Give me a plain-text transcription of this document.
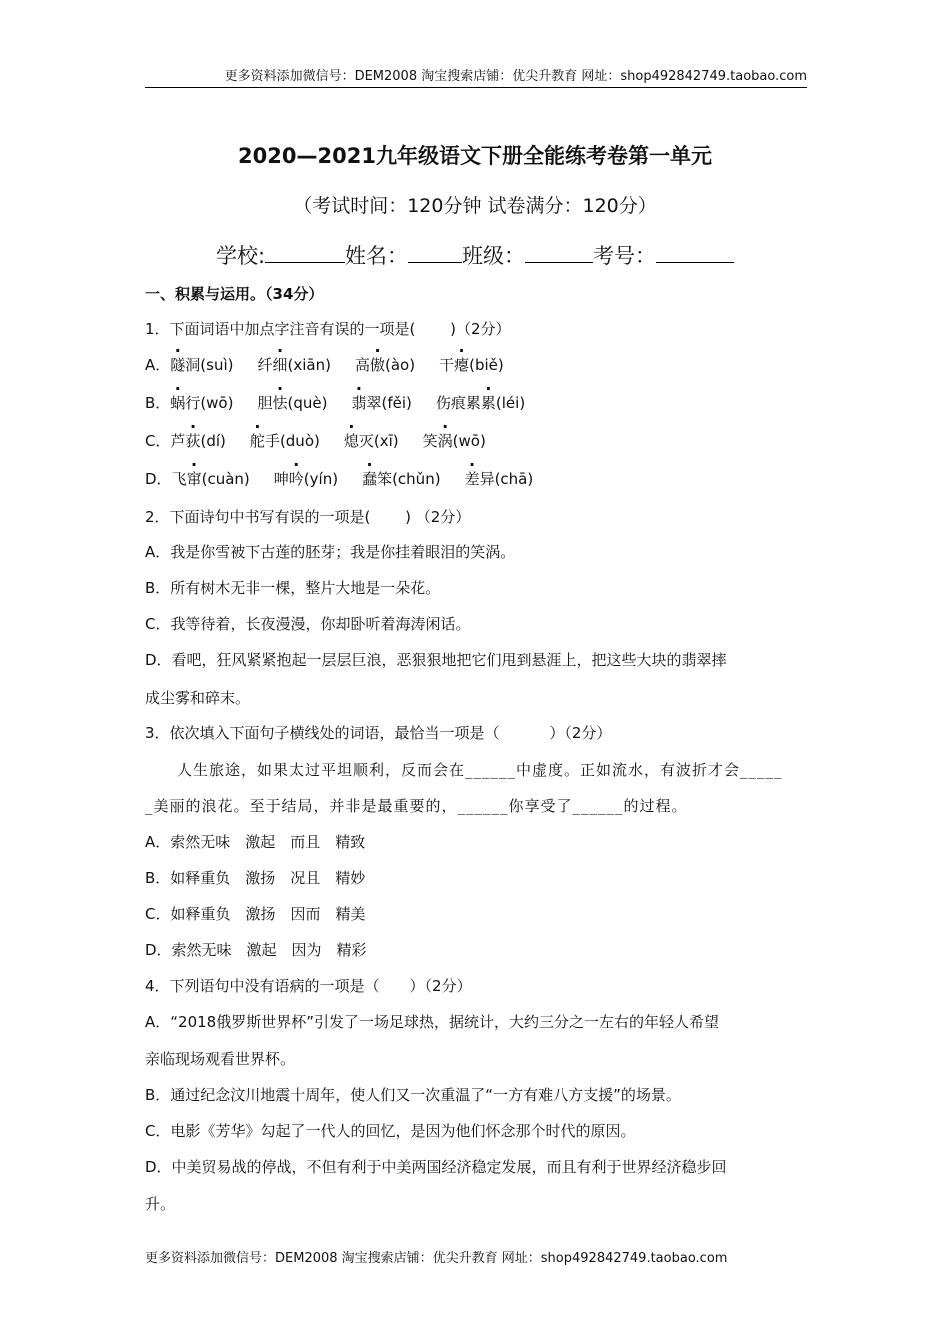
更多资料添加微信号：DEM2008 淘宝搜索店铺：优尖升教育 网址：shop492842749.taobao.com
2020—2021九年级语文下册全能练考卷第一单元
（考试时间：120分钟 试卷满分：120分）
学校:	姓名：	班级：	考号：
一、积累与运用。（34分）
1．下面词语中加点字注音有误的一项是(　　 )（2分）
A．隧洞(suì) 纤细(xiān) 高傲(ào) 干瘪(biě)
B．蜗行(wō) 胆怯(què) 翡翠(fěi) 伤痕累累(léi)
C．芦荻(dí) 舵手(duò) 熄灭(xī) 笑涡(wō)
D．飞窜(cuàn) 呻吟(yín) 蠢笨(chǔn) 差异(chā)
2．下面诗句中书写有误的一项是(　　 ) （2分）
A．我是你雪被下古莲的胚芽；我是你挂着眼泪的笑涡。
B．所有树木无非一棵，整片大地是一朵花。
C．我等待着，长夜漫漫，你却卧听着海涛闲话。
D．看吧，狂风紧紧抱起一层层巨浪，恶狠狠地把它们甩到悬涯上，把这些大块的翡翠摔
成尘雾和碎末。
3．依次填入下面句子横线处的词语，最恰当一项是（　　 　）（2分）
　　人生旅途，如果太过平坦顺利，反而会在______中虚度。正如流水，有波折才会_____
_美丽的浪花。至于结局，并非是最重要的，______你享受了______的过程。
A．索然无味　激起　而且　精致
B．如释重负　激扬　况且　精妙
C．如释重负　激扬　因而　精美
D．索然无味　激起　因为　精彩
4．下列语句中没有语病的一项是（　　）（2分）
A．“2018俄罗斯世界杯”引发了一场足球热，据统计，大约三分之一左右的年轻人希望
亲临现场观看世界杯。
B．通过纪念汶川地震十周年，使人们又一次重温了“一方有难八方支援”的场景。
C．电影《芳华》勾起了一代人的回忆，是因为他们怀念那个时代的原因。
D．中美贸易战的停战，不但有利于中美两国经济稳定发展，而且有利于世界经济稳步回
升。
更多资料添加微信号：DEM2008 淘宝搜索店铺：优尖升教育 网址：shop492842749.taobao.com
